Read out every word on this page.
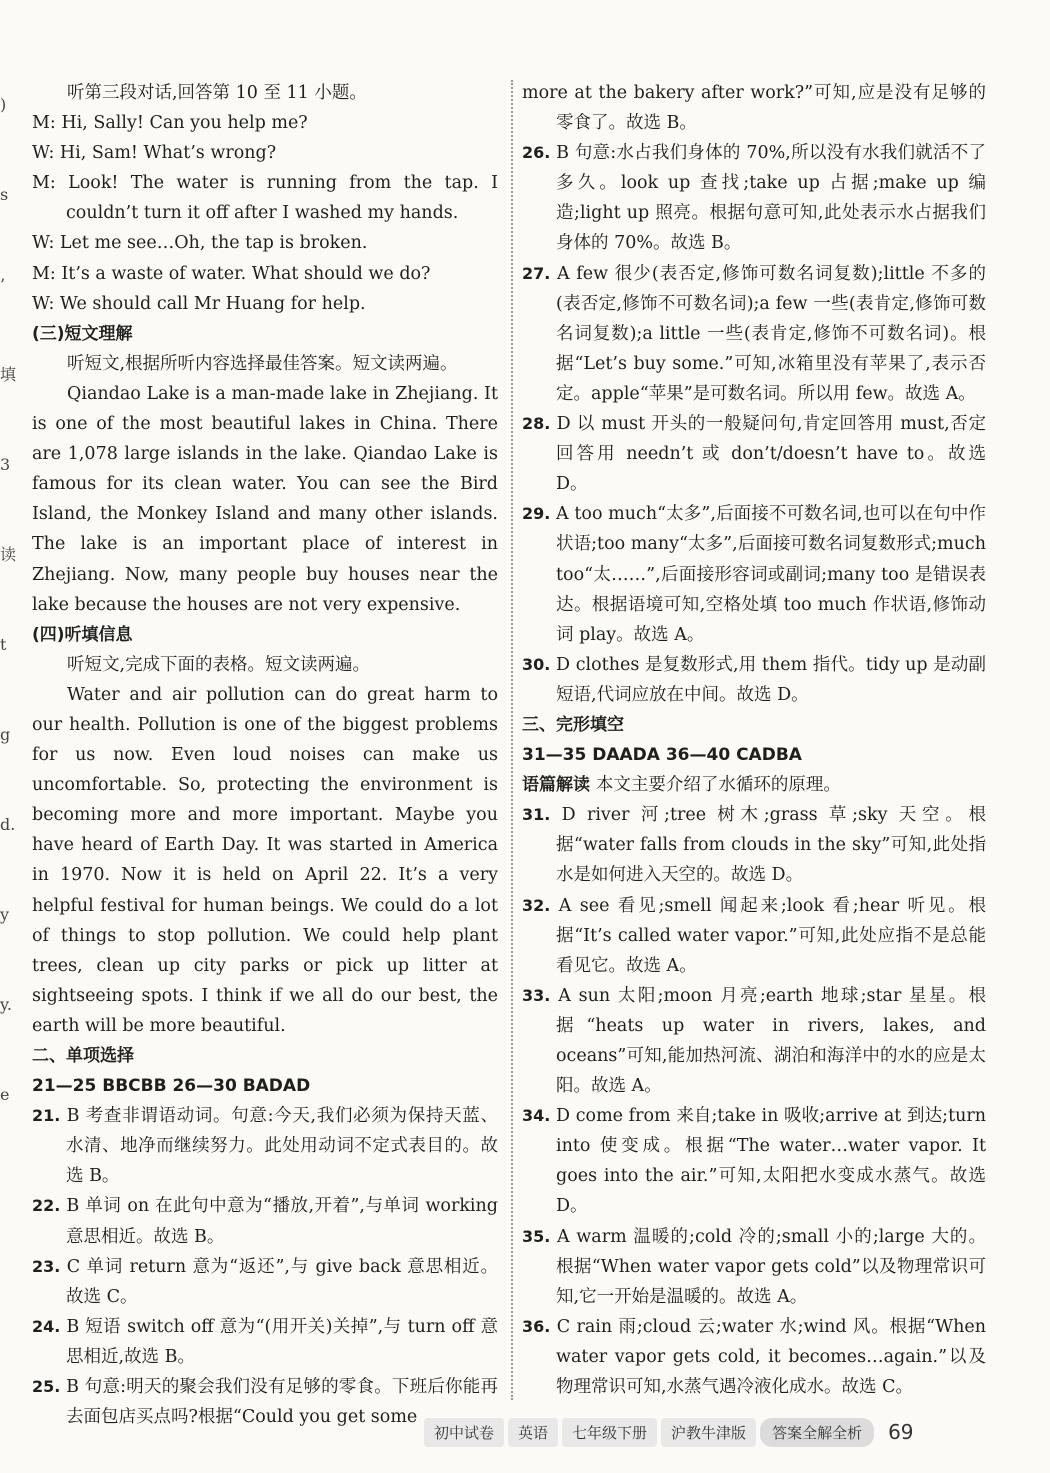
)
s
’
填
3
读
t
g
d.
y
y.
e

听第三段对话,回答第 10 至 11 小题。

M: Hi, Sally! Can you help me?

W: Hi, Sam! What’s wrong?

M: Look! The water is running from the tap. I couldn’t turn it off after I washed my hands.

W: Let me see…Oh, the tap is broken.

M: It’s a waste of water. What should we do?

W: We should call Mr Huang for help.

(三)短文理解

听短文,根据所听内容选择最佳答案。短文读两遍。

Qiandao Lake is a man-made lake in Zhejiang. It is one of the most beautiful lakes in China. There are 1,078 large islands in the lake. Qiandao Lake is famous for its clean water. You can see the Bird Island, the Monkey Island and many other islands. The lake is an important place of interest in Zhejiang. Now, many people buy houses near the lake because the houses are not very expensive.

(四)听填信息

听短文,完成下面的表格。短文读两遍。

Water and air pollution can do great harm to our health. Pollution is one of the biggest problems for us now. Even loud noises can make us uncomfortable. So, protecting the environment is becoming more and more important. Maybe you have heard of Earth Day. It was started in America in 1970. Now it is held on April 22. It’s a very helpful festival for human beings. We could do a lot of things to stop pollution. We could help plant trees, clean up city parks or pick up litter at sightseeing spots. I think if we all do our best, the earth will be more beautiful.

二、单项选择

21—25 BBCBB 26—30 BADAD

21. B 考查非谓语动词。句意:今天,我们必须为保持天蓝、水清、地净而继续努力。此处用动词不定式表目的。故选 B。

22. B 单词 on 在此句中意为“播放,开着”,与单词 working 意思相近。故选 B。

23. C 单词 return 意为“返还”,与 give back 意思相近。故选 C。

24. B 短语 switch off 意为“(用开关)关掉”,与 turn off 意思相近,故选 B。

25. B 句意:明天的聚会我们没有足够的零食。下班后你能再去面包店买点吗?根据“Could you get some

more at the bakery after work?”可知,应是没有足够的零食了。故选 B。

26. B 句意:水占我们身体的 70%,所以没有水我们就活不了多久。look up 查找;take up 占据;make up 编造;light up 照亮。根据句意可知,此处表示水占据我们身体的 70%。故选 B。

27. A few 很少(表否定,修饰可数名词复数);little 不多的(表否定,修饰不可数名词);a few 一些(表肯定,修饰可数名词复数);a little 一些(表肯定,修饰不可数名词)。根据“Let’s buy some.”可知,冰箱里没有苹果了,表示否定。apple“苹果”是可数名词。所以用 few。故选 A。

28. D 以 must 开头的一般疑问句,肯定回答用 must,否定回答用 needn’t 或 don’t/doesn’t have to。故选 D。

29. A too much“太多”,后面接不可数名词,也可以在句中作状语;too many“太多”,后面接可数名词复数形式;much too“太……”,后面接形容词或副词;many too 是错误表达。根据语境可知,空格处填 too much 作状语,修饰动词 play。故选 A。

30. D clothes 是复数形式,用 them 指代。tidy up 是动副短语,代词应放在中间。故选 D。

三、完形填空

31—35 DAADA 36—40 CADBA

语篇解读 本文主要介绍了水循环的原理。

31. D river 河;tree 树木;grass 草;sky 天空。根据“water falls from clouds in the sky”可知,此处指水是如何进入天空的。故选 D。

32. A see 看见;smell 闻起来;look 看;hear 听见。根据“It’s called water vapor.”可知,此处应指不是总能看见它。故选 A。

33. A sun 太阳;moon 月亮;earth 地球;star 星星。根据“heats up water in rivers, lakes, and oceans”可知,能加热河流、湖泊和海洋中的水的应是太阳。故选 A。

34. D come from 来自;take in 吸收;arrive at 到达;turn into 使变成。根据“The water…water vapor. It goes into the air.”可知,太阳把水变成水蒸气。故选 D。

35. A warm 温暖的;cold 冷的;small 小的;large 大的。根据“When water vapor gets cold”以及物理常识可知,它一开始是温暖的。故选 A。

36. C rain 雨;cloud 云;water 水;wind 风。根据“When water vapor gets cold, it becomes…again.”以及物理常识可知,水蒸气遇冷液化成水。故选 C。

初中试卷	英语	七年级下册	沪教牛津版	答案全解全析	69
